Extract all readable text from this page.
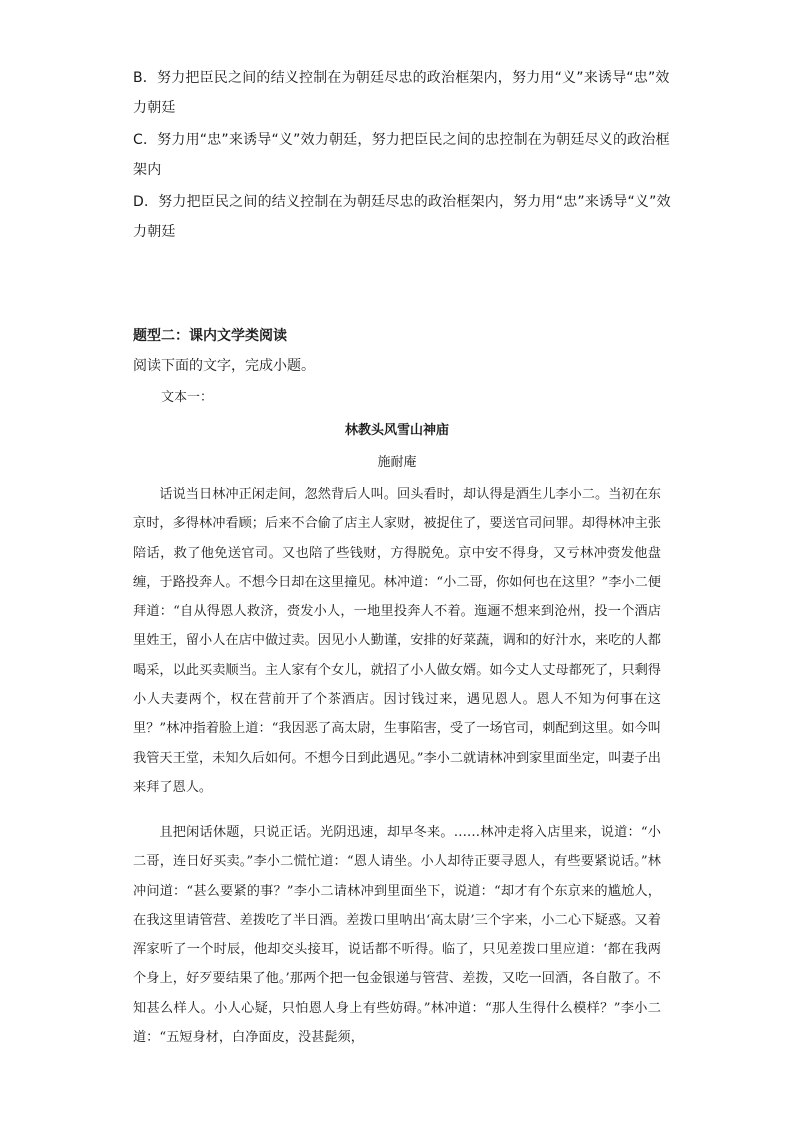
B．努力把臣民之间的结义控制在为朝廷尽忠的政治框架内，努力用“义”来诱导“忠”效力朝廷

C．努力用“忠”来诱导“义”效力朝廷，努力把臣民之间的忠控制在为朝廷尽义的政治框架内

D．努力把臣民之间的结义控制在为朝廷尽忠的政治框架内，努力用“忠”来诱导“义”效力朝廷

题型二：课内文学类阅读

阅读下面的文字，完成小题。

文本一：

林教头风雪山神庙

施耐庵

话说当日林冲正闲走间，忽然背后人叫。回头看时，却认得是酒生儿李小二。当初在东京时，多得林冲看顾；后来不合偷了店主人家财，被捉住了，要送官司问罪。却得林冲主张陪话，救了他免送官司。又也陪了些钱财，方得脱免。京中安不得身，又亏林冲赍发他盘缠，于路投奔人。不想今日却在这里撞见。林冲道：“小二哥，你如何也在这里？”李小二便拜道：“自从得恩人救济，赍发小人，一地里投奔人不着。迤逦不想来到沧州，投一个酒店里姓王，留小人在店中做过卖。因见小人勤谨，安排的好菜蔬，调和的好汁水，来吃的人都喝采，以此买卖顺当。主人家有个女儿，就招了小人做女婿。如今丈人丈母都死了，只剩得小人夫妻两个，权在营前开了个茶酒店。因讨钱过来，遇见恩人。恩人不知为何事在这里？”林冲指着脸上道：“我因恶了高太尉，生事陷害，受了一场官司，刺配到这里。如今叫我管天王堂，未知久后如何。不想今日到此遇见。”李小二就请林冲到家里面坐定，叫妻子出来拜了恩人。

且把闲话休题，只说正话。光阴迅速，却早冬来。……林冲走将入店里来，说道：“小二哥，连日好买卖。”李小二慌忙道：“恩人请坐。小人却待正要寻恩人，有些要紧说话。”林冲问道：“甚么要紧的事？”李小二请林冲到里面坐下，说道：“却才有个东京来的尴尬人，在我这里请管营、差拨吃了半日酒。差拨口里呐出‘高太尉’三个字来，小二心下疑惑。又着浑家听了一个时辰，他却交头接耳，说话都不听得。临了，只见差拨口里应道：‘都在我两个身上，好歹要结果了他。’那两个把一包金银递与管营、差拨，又吃一回酒，各自散了。不知甚么样人。小人心疑，只怕恩人身上有些妨碍。”林冲道：“那人生得什么模样？”李小二道：“五短身材，白净面皮，没甚髭须，
